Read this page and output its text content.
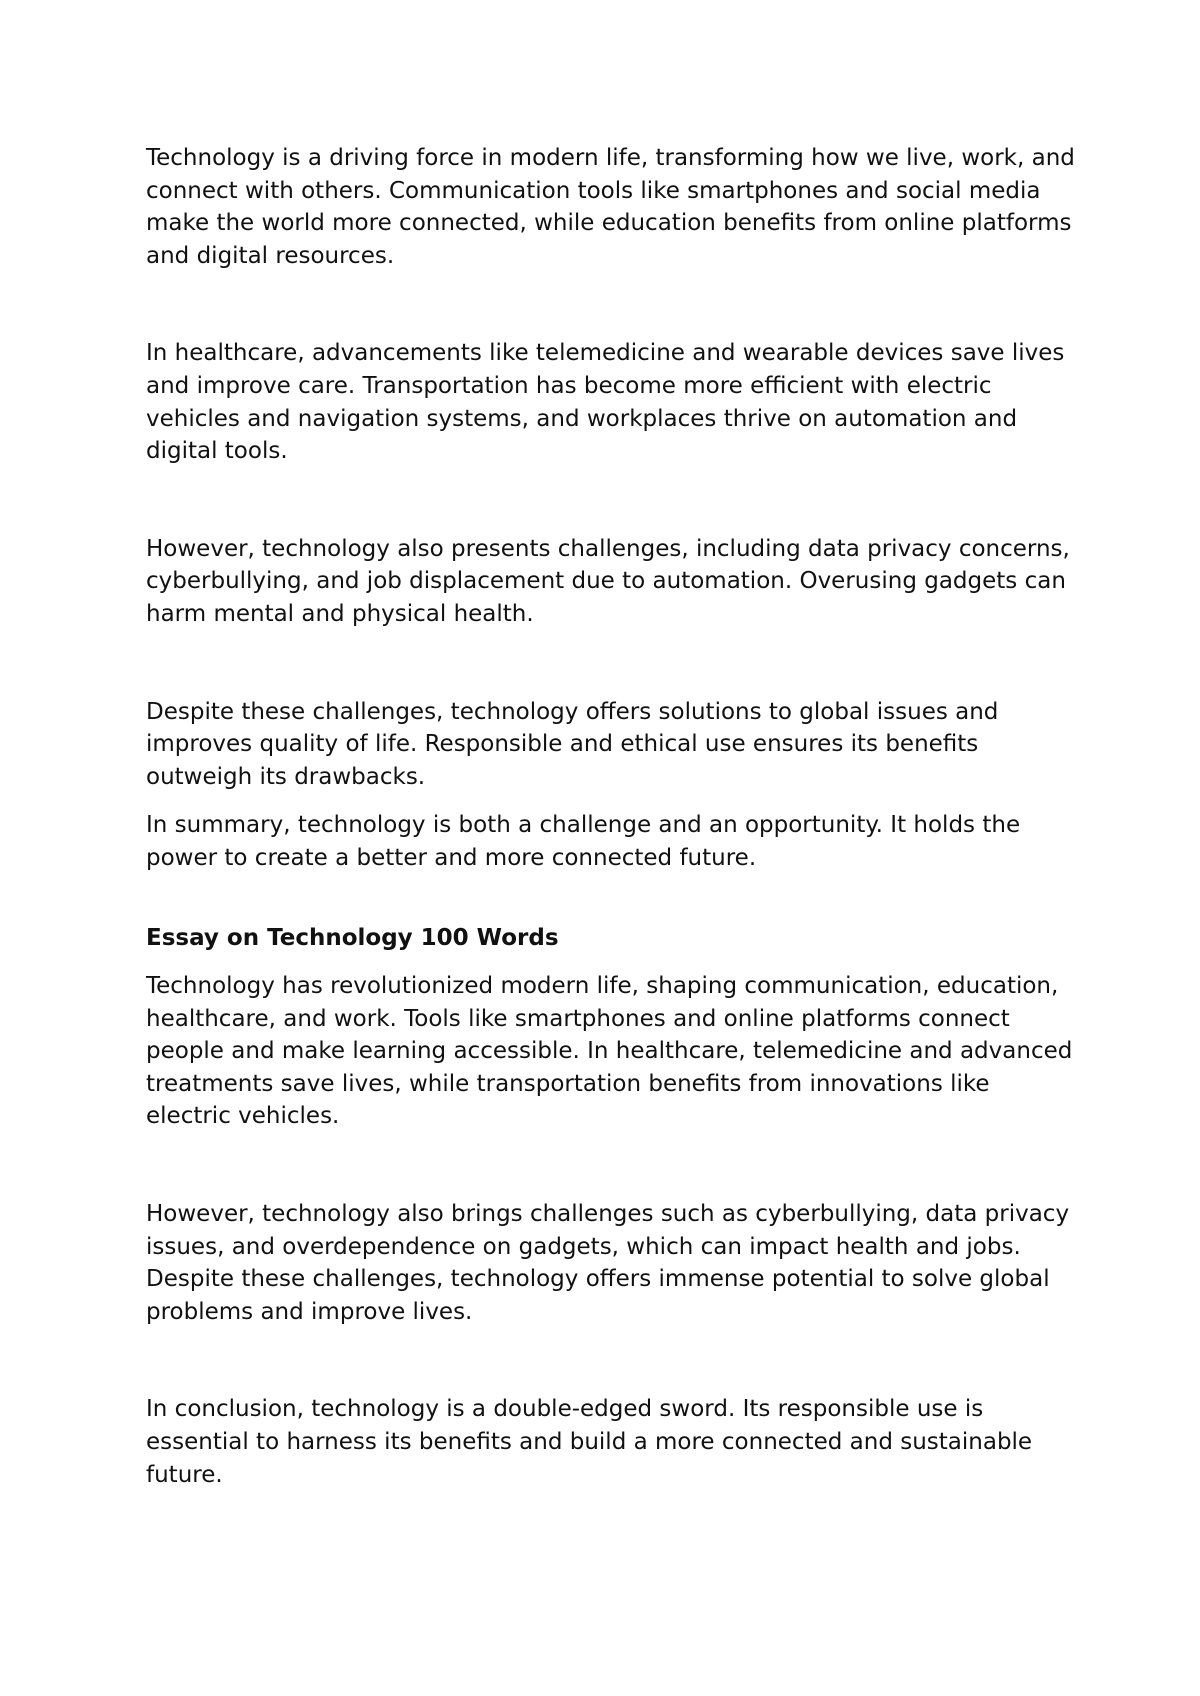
Technology is a driving force in modern life, transforming how we live, work, and connect with others. Communication tools like smartphones and social media make the world more connected, while education benefits from online platforms and digital resources.

In healthcare, advancements like telemedicine and wearable devices save lives and improve care. Transportation has become more efficient with electric vehicles and navigation systems, and workplaces thrive on automation and digital tools.

However, technology also presents challenges, including data privacy concerns, cyberbullying, and job displacement due to automation. Overusing gadgets can harm mental and physical health.

Despite these challenges, technology offers solutions to global issues and improves quality of life. Responsible and ethical use ensures its benefits outweigh its drawbacks.

In summary, technology is both a challenge and an opportunity. It holds the power to create a better and more connected future.

Essay on Technology 100 Words

Technology has revolutionized modern life, shaping communication, education, healthcare, and work. Tools like smartphones and online platforms connect people and make learning accessible. In healthcare, telemedicine and advanced treatments save lives, while transportation benefits from innovations like electric vehicles.

However, technology also brings challenges such as cyberbullying, data privacy issues, and overdependence on gadgets, which can impact health and jobs. Despite these challenges, technology offers immense potential to solve global problems and improve lives.

In conclusion, technology is a double-edged sword. Its responsible use is essential to harness its benefits and build a more connected and sustainable future.
